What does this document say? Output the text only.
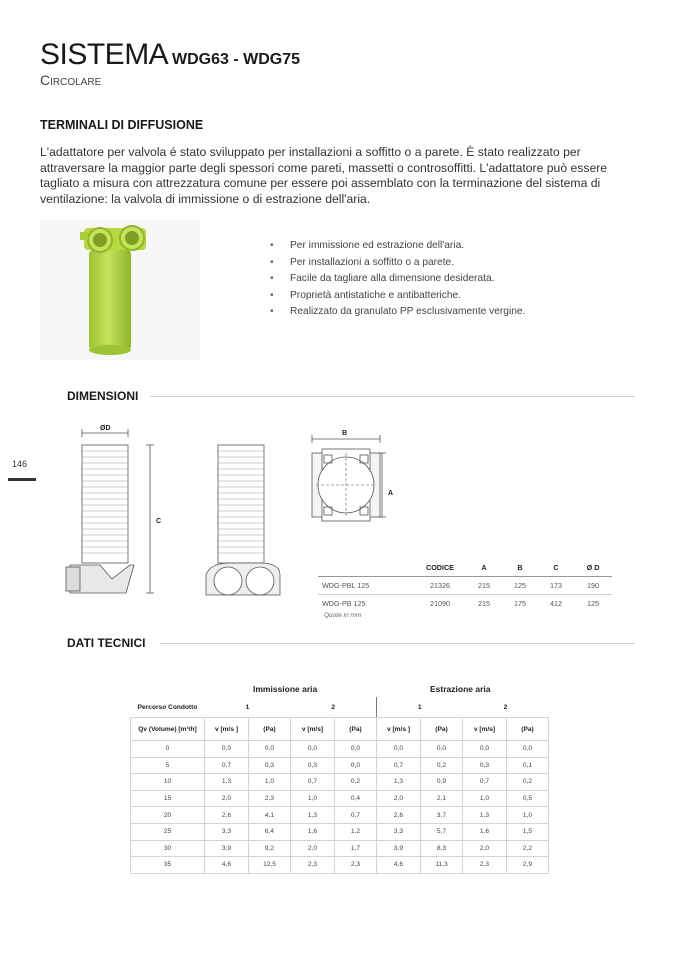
SISTEMA WDG63 - WDG75
Circolare
TERMINALI DI DIFFUSIONE

L'adattatore per valvola é stato sviluppato per installazioni a soffitto o a parete. È stato realizzato per attraversare la maggior parte degli spessori come pareti, massetti o controsoffitti. L'adattatore può essere tagliato a misura con attrezzatura comune per essere poi assemblato con la terminazione del sistema di ventilazione: la valvola di immissione o di estrazione dell'aria.

• Per immissione ed estrazione dell'aria.
• Per installazioni a soffitto o a parete.
• Facile da tagliare alla dimensione desiderata.
• Proprietà antistatiche e antibatteriche.
• Realizzato da granulato PP esclusivamente vergine.
DIMENSIONI
146
ØD
C
B
A
	CODICE	A	B	C	Ø D
WDG-PBL 125	21326	215	125	173	190
WDG-PB 125	21090	215	175	412	125
Quote in mm
DATI TECNICI
Immissione aria	Estrazione aria
Percorso Condotto	1		2		1		2	
Qv (Volume) [m³/h]	v [m/s ]	(Pa)	v [m/s]	(Pa)	v [m/s ]	(Pa)	v [m/s]	(Pa)
0	0,0	0,0	0,0	0,0	0,0	0,0	0,0	0,0
5	0,7	0,3	0,3	0,0	0,7	0,2	0,3	0,1
10	1,3	1,0	0,7	0,2	1,3	0,9	0,7	0,2
15	2,0	2,3	1,0	0,4	2,0	2,1	1,0	0,5
20	2,6	4,1	1,3	0,7	2,6	3,7	1,3	1,0
25	3,3	6,4	1,6	1,2	3,3	5,7	1,6	1,5
30	3,9	9,2	2,0	1,7	3,9	8,3	2,0	2,2
35	4,6	12,5	2,3	2,3	4,6	11,3	2,3	2,9
